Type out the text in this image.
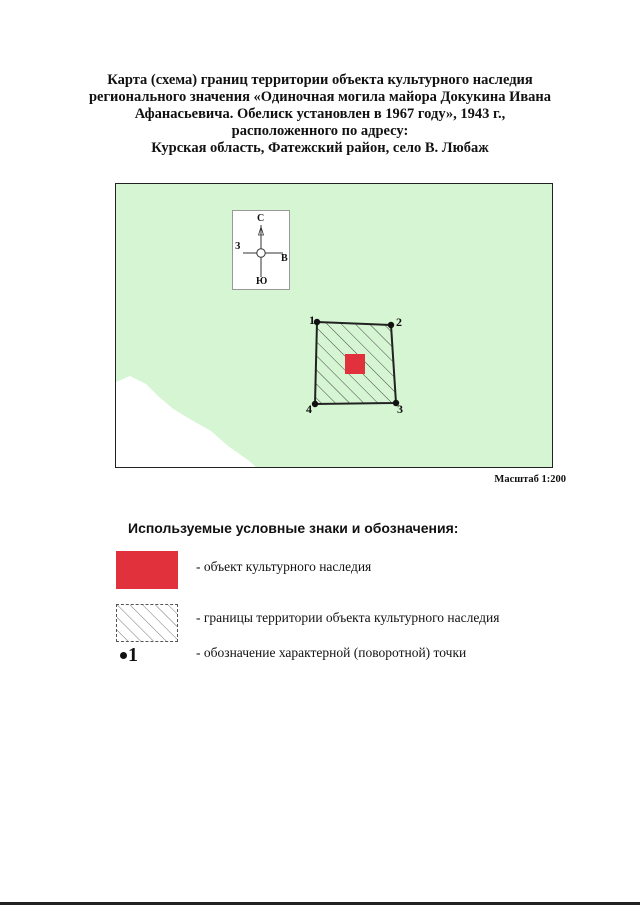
Карта (схема) границ территории объекта культурного наследия
регионального значения «Одиночная могила майора Докукина Ивана
Афанасьевича. Обелиск установлен в 1967 году», 1943 г.,
расположенного по адресу:
Курская область, Фатежский район, село В. Любаж
1	2
3
4
С
З
В
Ю
Масштаб 1:200
Используемые условные знаки и обозначения:
- объект культурного наследия
- границы территории объекта культурного наследия
1	- обозначение характерной (поворотной) точки
